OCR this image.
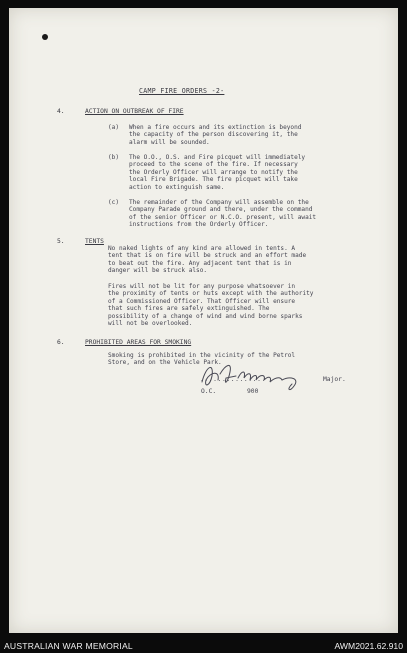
CAMP FIRE ORDERS -2-
4.	ACTION ON OUTBREAK OF FIRE
(a) When a fire occurs and its extinction is beyond
the capacity of the person discovering it, the
alarm will be sounded.
(b) The O.O., O.S. and Fire picquet will immediately
proceed to the scene of the fire. If necessary
the Orderly Officer will arrange to notify the
local Fire Brigade. The fire picquet will take
action to extinguish same.
(c) The remainder of the Company will assemble on the
Company Parade ground and there, under the command
of the senior Officer or N.C.O. present, will await
instructions from the Orderly Officer.
5.	TENTS
No naked lights of any kind are allowed in tents. A
tent that is on fire will be struck and an effort made
to beat out the fire. Any adjacent tent that is in
danger will be struck also.
Fires will not be lit for any purpose whatsoever in
the proximity of tents or huts except with the authority
of a Commissioned Officer. That Officer will ensure
that such fires are safely extinguished. The
possibility of a change of wind and wind borne sparks
will not be overlooked.
6.	PROHIBITED AREAS FOR SMOKING
Smoking is prohibited in the vicinity of the Petrol
Store, and on the Vehicle Park.
...............	Major.
O.C.	900
AUSTRALIAN WAR MEMORIAL	AWM2021.62.910
